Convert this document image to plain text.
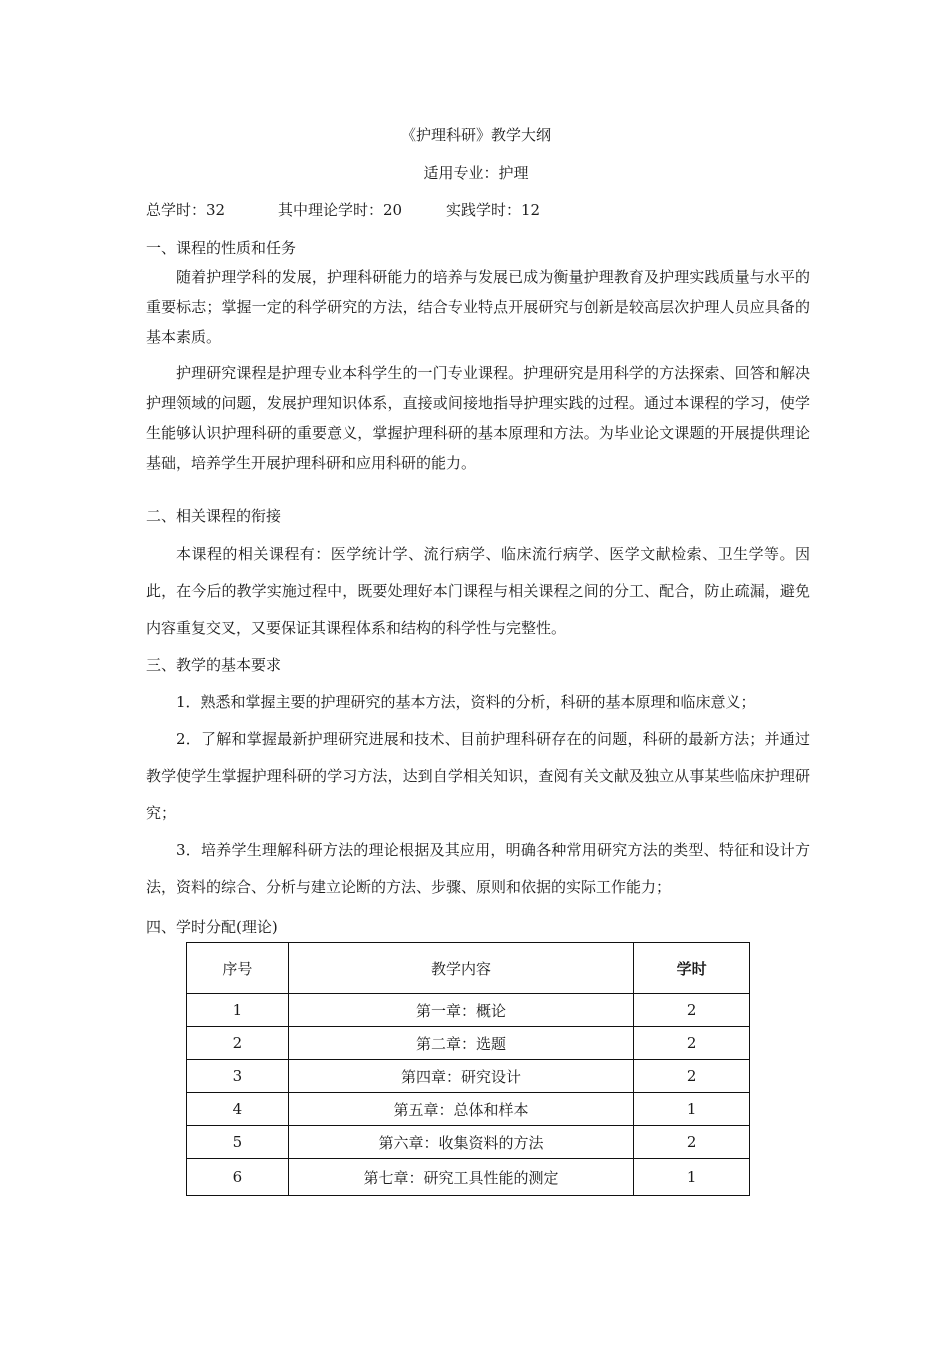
《护理科研》教学大纲
适用专业：护理
总学时：32	其中理论学时：20	实践学时：12
一、课程的性质和任务

随着护理学科的发展，护理科研能力的培养与发展已成为衡量护理教育及护理实践质量与水平的重要标志；掌握一定的科学研究的方法，结合专业特点开展研究与创新是较高层次护理人员应具备的基本素质。

护理研究课程是护理专业本科学生的一门专业课程。护理研究是用科学的方法探索、回答和解决护理领域的问题，发展护理知识体系，直接或间接地指导护理实践的过程。通过本课程的学习，使学生能够认识护理科研的重要意义，掌握护理科研的基本原理和方法。为毕业论文课题的开展提供理论基础，培养学生开展护理科研和应用科研的能力。

二、相关课程的衔接

本课程的相关课程有：医学统计学、流行病学、临床流行病学、医学文献检索、卫生学等。因此，在今后的教学实施过程中，既要处理好本门课程与相关课程之间的分工、配合，防止疏漏，避免内容重复交叉，又要保证其课程体系和结构的科学性与完整性。

三、教学的基本要求

1．熟悉和掌握主要的护理研究的基本方法，资料的分析，科研的基本原理和临床意义；

2．了解和掌握最新护理研究进展和技术、目前护理科研存在的问题，科研的最新方法；并通过教学使学生掌握护理科研的学习方法，达到自学相关知识，查阅有关文献及独立从事某些临床护理研究；

3．培养学生理解科研方法的理论根据及其应用，明确各种常用研究方法的类型、特征和设计方法，资料的综合、分析与建立论断的方法、步骤、原则和依据的实际工作能力；

四、学时分配(理论)
序号	教学内容	学时
1	第一章：概论	2
2	第二章：选题	2
3	第四章：研究设计	2
4	第五章：总体和样本	1
5	第六章：收集资料的方法	2
6	第七章：研究工具性能的测定	1
